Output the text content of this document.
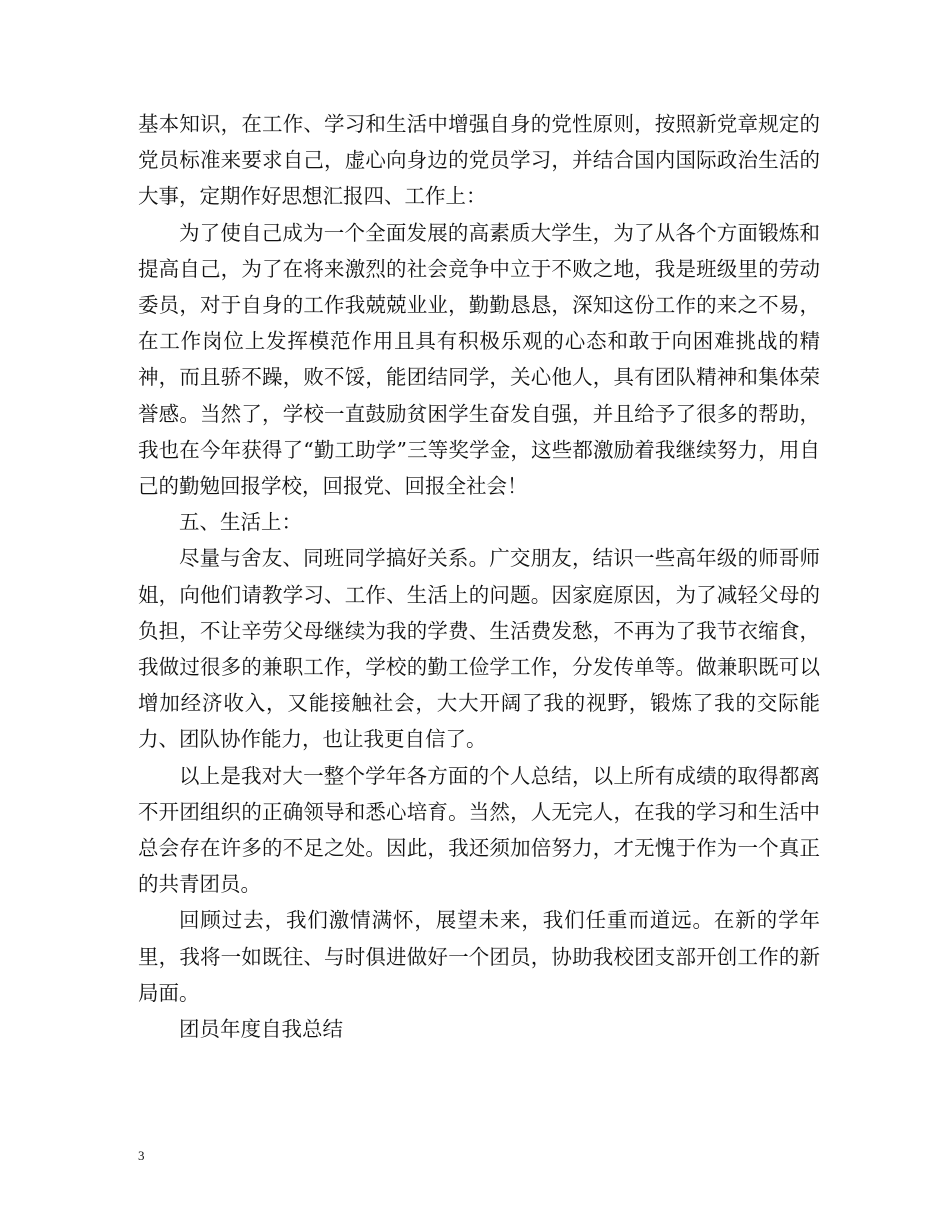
基本知识，在工作、学习和生活中增强自身的党性原则，按照新党章规定的党员标准来要求自己，虚心向身边的党员学习，并结合国内国际政治生活的大事，定期作好思想汇报四、工作上：

为了使自己成为一个全面发展的高素质大学生，为了从各个方面锻炼和提高自己，为了在将来激烈的社会竞争中立于不败之地，我是班级里的劳动委员，对于自身的工作我兢兢业业，勤勤恳恳，深知这份工作的来之不易，在工作岗位上发挥模范作用且具有积极乐观的心态和敢于向困难挑战的精神，而且骄不躁，败不馁，能团结同学，关心他人，具有团队精神和集体荣誉感。当然了，学校一直鼓励贫困学生奋发自强，并且给予了很多的帮助，我也在今年获得了“勤工助学”三等奖学金，这些都激励着我继续努力，用自己的勤勉回报学校，回报党、回报全社会！

五、生活上：

尽量与舍友、同班同学搞好关系。广交朋友，结识一些高年级的师哥师姐，向他们请教学习、工作、生活上的问题。因家庭原因，为了减轻父母的负担，不让辛劳父母继续为我的学费、生活费发愁，不再为了我节衣缩食，我做过很多的兼职工作，学校的勤工俭学工作，分发传单等。做兼职既可以增加经济收入，又能接触社会，大大开阔了我的视野，锻炼了我的交际能力、团队协作能力，也让我更自信了。

以上是我对大一整个学年各方面的个人总结，以上所有成绩的取得都离不开团组织的正确领导和悉心培育。当然，人无完人，在我的学习和生活中总会存在许多的不足之处。因此，我还须加倍努力，才无愧于作为一个真正的共青团员。

回顾过去，我们激情满怀，展望未来，我们任重而道远。在新的学年里，我将一如既往、与时俱进做好一个团员，协助我校团支部开创工作的新局面。

团员年度自我总结

3
